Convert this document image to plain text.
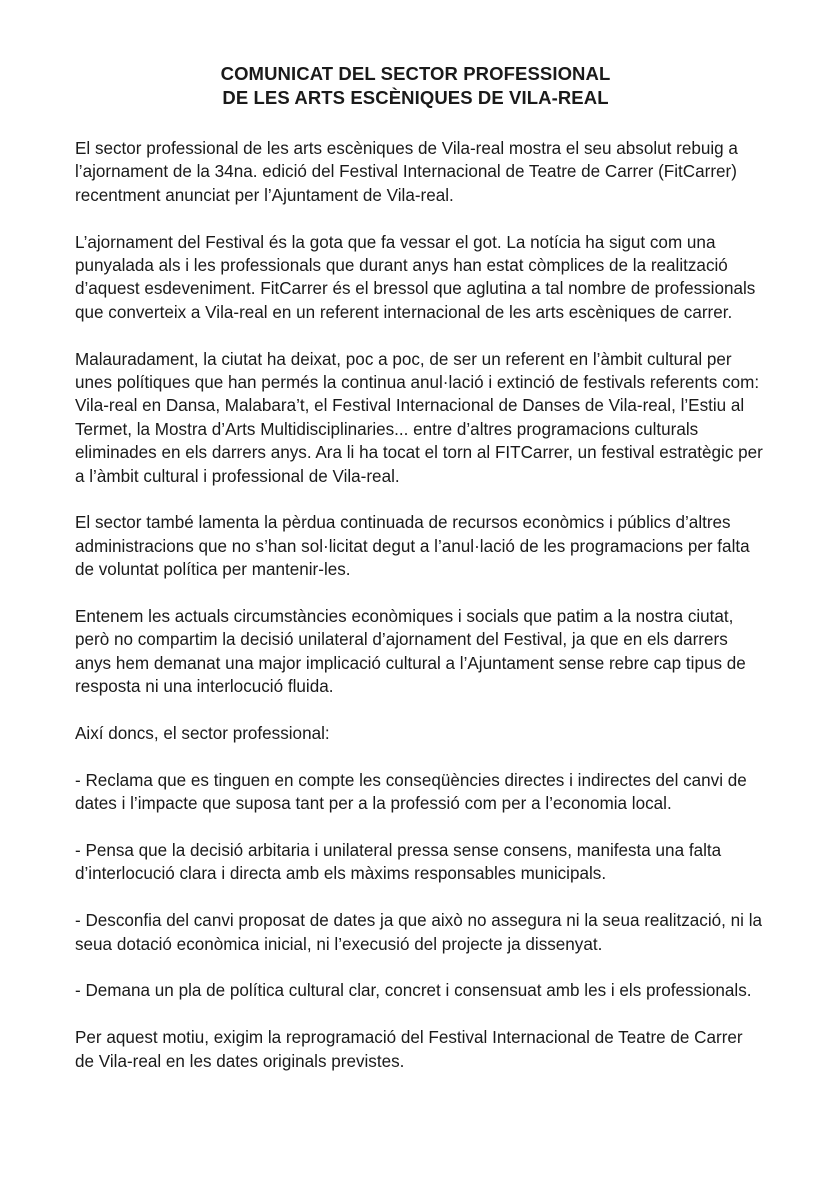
COMUNICAT DEL SECTOR PROFESSIONAL
DE LES ARTS ESCÈNIQUES DE VILA-REAL

El sector professional de les arts escèniques de Vila-real mostra el seu absolut rebuig a l’ajornament de la 34na. edició del Festival Internacional de Teatre de Carrer (FitCarrer) recentment anunciat per l’Ajuntament de Vila-real.

L’ajornament del Festival és la gota que fa vessar el got. La notícia ha sigut com una punyalada als i les professionals que durant anys han estat còmplices de la realització d’aquest esdeveniment. FitCarrer és el bressol que aglutina a tal nombre de professionals que converteix a Vila-real en un referent internacional de les arts escèniques de carrer.

Malauradament, la ciutat ha deixat, poc a poc, de ser un referent en l’àmbit cultural per unes polítiques que han permés la continua anul·lació i extinció de festivals referents com: Vila-real en Dansa, Malabara’t, el Festival Internacional de Danses de Vila-real, l’Estiu al Termet, la Mostra d’Arts Multidisciplinaries... entre d’altres programacions culturals eliminades en els darrers anys. Ara li ha tocat el torn al FITCarrer, un festival estratègic per a l’àmbit cultural i professional de Vila-real.

El sector també lamenta la pèrdua continuada de recursos econòmics i públics d’altres administracions que no s’han sol·licitat degut a l’anul·lació de les programacions per falta de voluntat política per mantenir-les.

Entenem les actuals circumstàncies econòmiques i socials que patim a la nostra ciutat, però no compartim la decisió unilateral d’ajornament del Festival, ja que en els darrers anys hem demanat una major implicació cultural a l’Ajuntament sense rebre cap tipus de resposta ni una interlocució fluida.

Així doncs, el sector professional:

- Reclama que es tinguen en compte les conseqüències directes i indirectes del canvi de dates i l’impacte que suposa tant per a la professió com per a l’economia local.

- Pensa que la decisió arbitaria i unilateral pressa sense consens, manifesta una falta d’interlocució clara i directa amb els màxims responsables municipals.

- Desconfia del canvi proposat de dates ja que això no assegura ni la seua realització, ni la seua dotació econòmica inicial, ni l’execusió del projecte ja dissenyat.

- Demana un pla de política cultural clar, concret i consensuat amb les i els professionals.

Per aquest motiu, exigim la reprogramació del Festival Internacional de Teatre de Carrer de Vila-real en les dates originals previstes.
